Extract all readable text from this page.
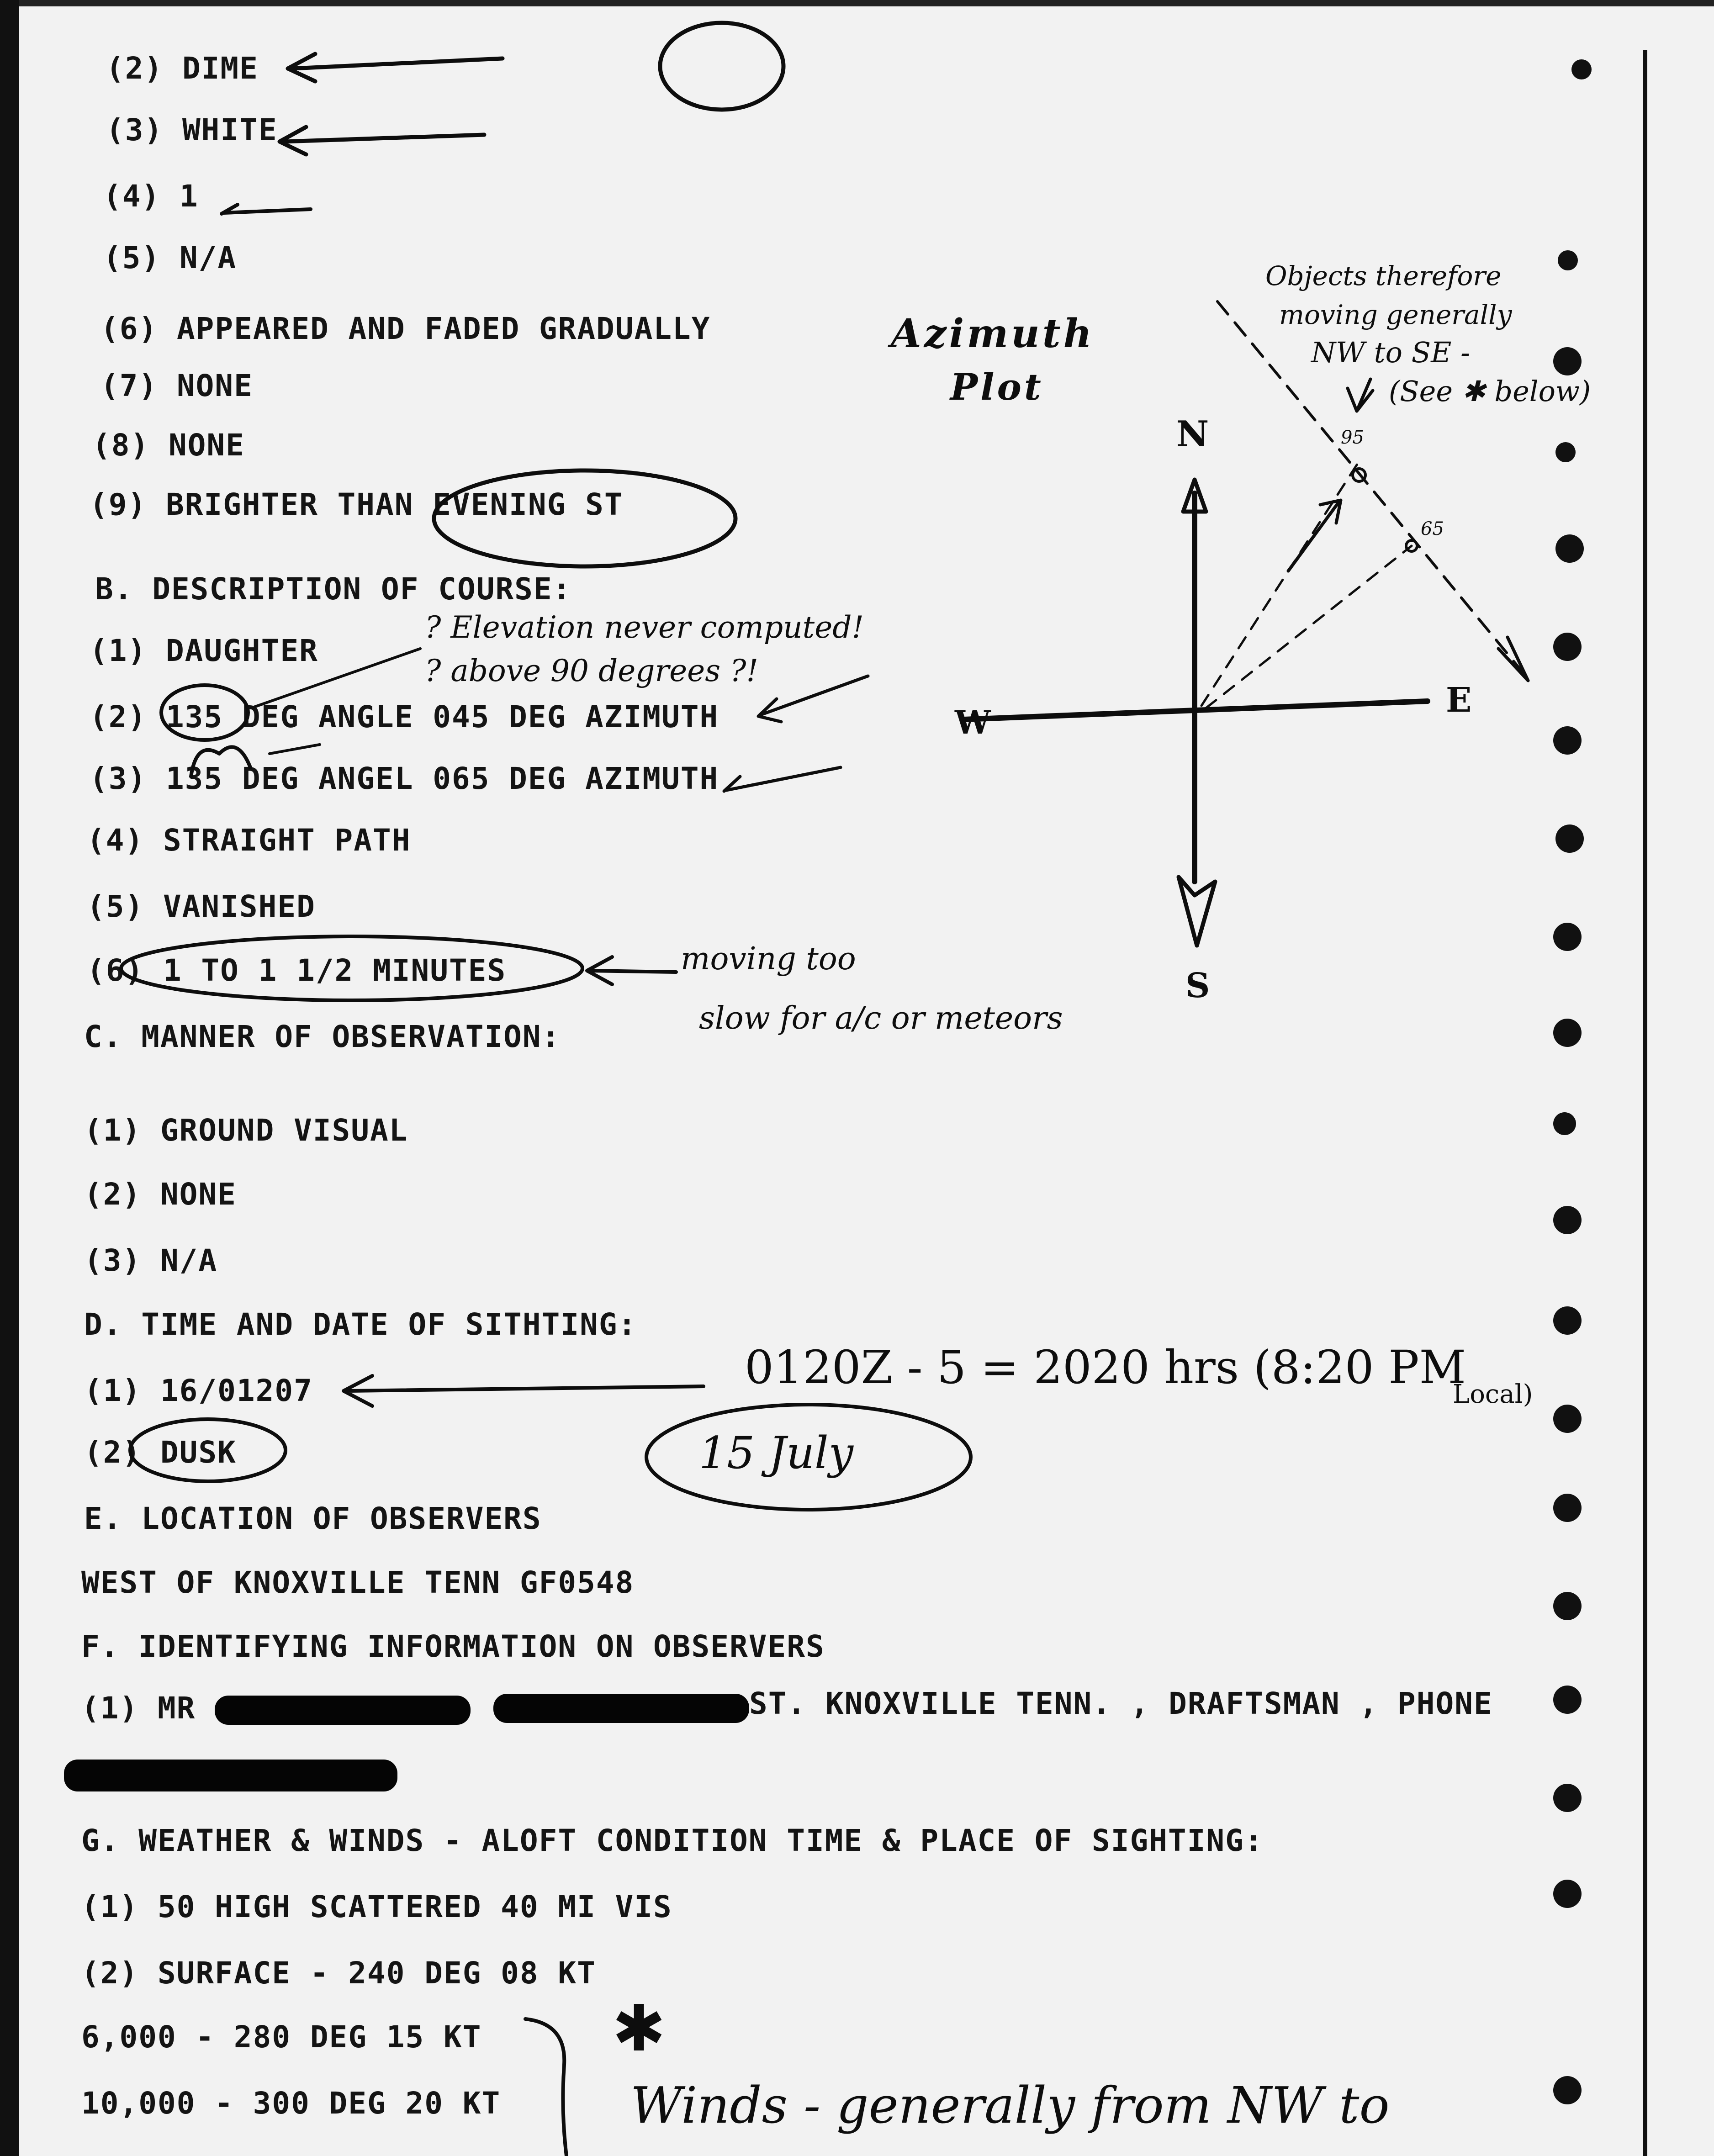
(2) DIME
(3) WHITE
(4) 1
(5) N/A
(6) APPEARED AND FADED GRADUALLY
(7) NONE
(8) NONE
(9) BRIGHTER THAN EVENING ST
B. DESCRIPTION OF COURSE:
(1) DAUGHTER
(2) 135 DEG ANGLE 045 DEG AZIMUTH
(3) 135 DEG ANGEL 065 DEG AZIMUTH
(4) STRAIGHT PATH
(5) VANISHED
(6) 1 TO 1 1/2 MINUTES
C. MANNER OF OBSERVATION:
(1) GROUND VISUAL
(2) NONE
(3) N/A
D. TIME AND DATE OF SITHTING:
(1) 16/01207
(2) DUSK
E. LOCATION OF OBSERVERS
WEST OF KNOXVILLE TENN GF0548
F. IDENTIFYING INFORMATION ON OBSERVERS
(1) MR	ST. KNOXVILLE TENN. , DRAFTSMAN , PHONE
G. WEATHER & WINDS - ALOFT CONDITION TIME & PLACE OF SIGHTING:
(1) 50 HIGH SCATTERED 40 MI VIS
(2) SURFACE - 240 DEG 08 KT
6,000 - 280 DEG 15 KT
10,000 - 300 DEG 20 KT
Azimuth
Plot
Objects therefore
moving generally
NW to SE -
(See ✱ below)
95
65
? Elevation never computed!
? above 90 degrees ?!
moving too
slow for a/c or meteors
0120Z - 5 = 2020 hrs (8:20 PM
Local)
15 July
✱
Winds - generally from NW to
N
S
E
W
